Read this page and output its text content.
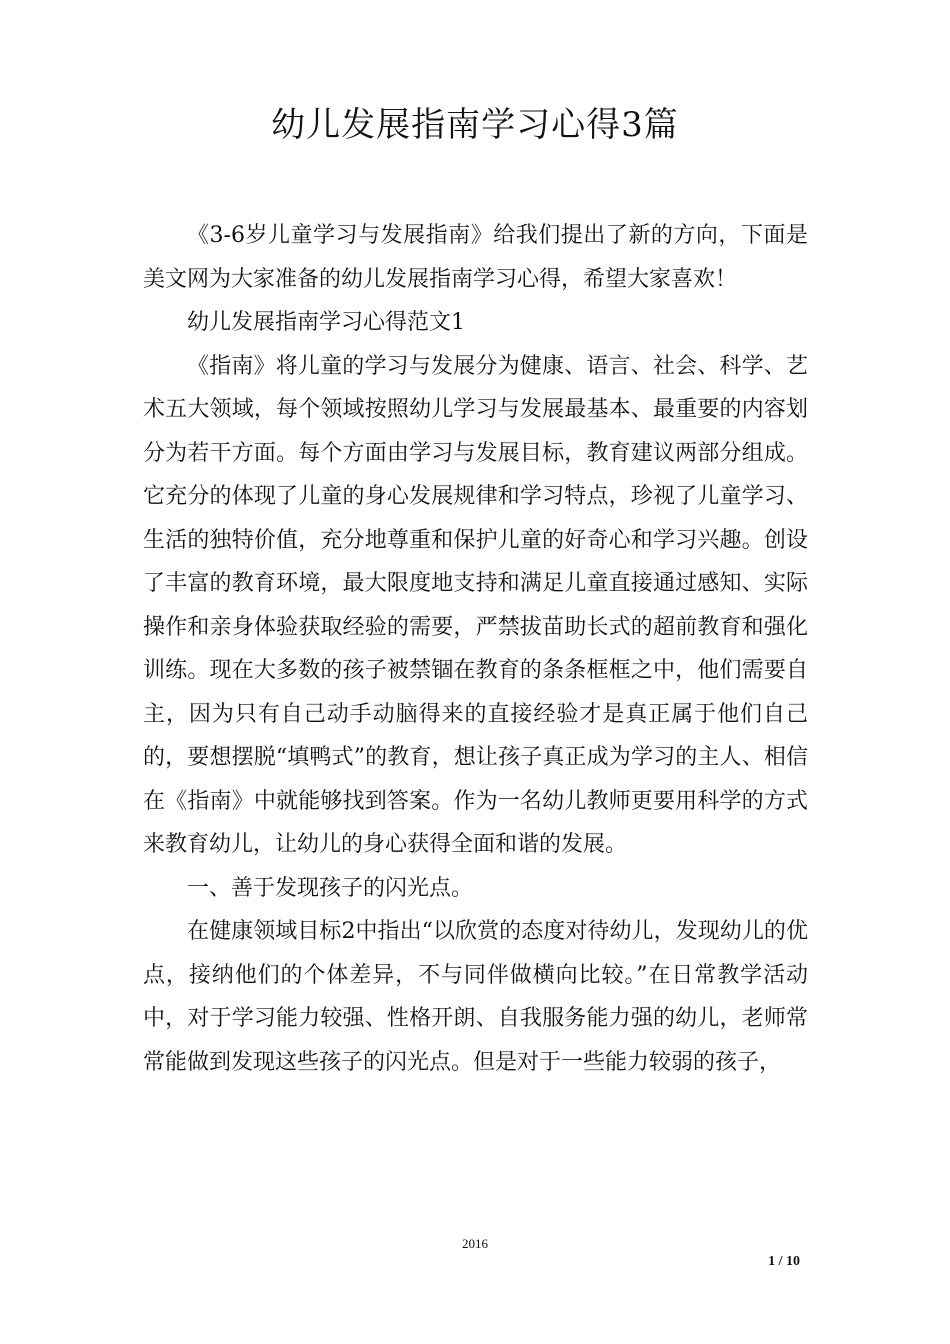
幼儿发展指南学习心得3篇

《3-6岁儿童学习与发展指南》给我们提出了新的方向，下面是美文网为大家准备的幼儿发展指南学习心得，希望大家喜欢！

幼儿发展指南学习心得范文1

《指南》将儿童的学习与发展分为健康、语言、社会、科学、艺术五大领域，每个领域按照幼儿学习与发展最基本、最重要的内容划分为若干方面。每个方面由学习与发展目标，教育建议两部分组成。它充分的体现了儿童的身心发展规律和学习特点，珍视了儿童学习、生活的独特价值，充分地尊重和保护儿童的好奇心和学习兴趣。创设了丰富的教育环境，最大限度地支持和满足儿童直接通过感知、实际操作和亲身体验获取经验的需要，严禁拔苗助长式的超前教育和强化训练。现在大多数的孩子被禁锢在教育的条条框框之中，他们需要自主，因为只有自己动手动脑得来的直接经验才是真正属于他们自己的，要想摆脱“填鸭式”的教育，想让孩子真正成为学习的主人、相信在《指南》中就能够找到答案。作为一名幼儿教师更要用科学的方式来教育幼儿，让幼儿的身心获得全面和谐的发展。

一、善于发现孩子的闪光点。

在健康领域目标2中指出“以欣赏的态度对待幼儿，发现幼儿的优点，接纳他们的个体差异，不与同伴做横向比较。”在日常教学活动中，对于学习能力较强、性格开朗、自我服务能力强的幼儿，老师常常能做到发现这些孩子的闪光点。但是对于一些能力较弱的孩子，

2016
1 / 10
